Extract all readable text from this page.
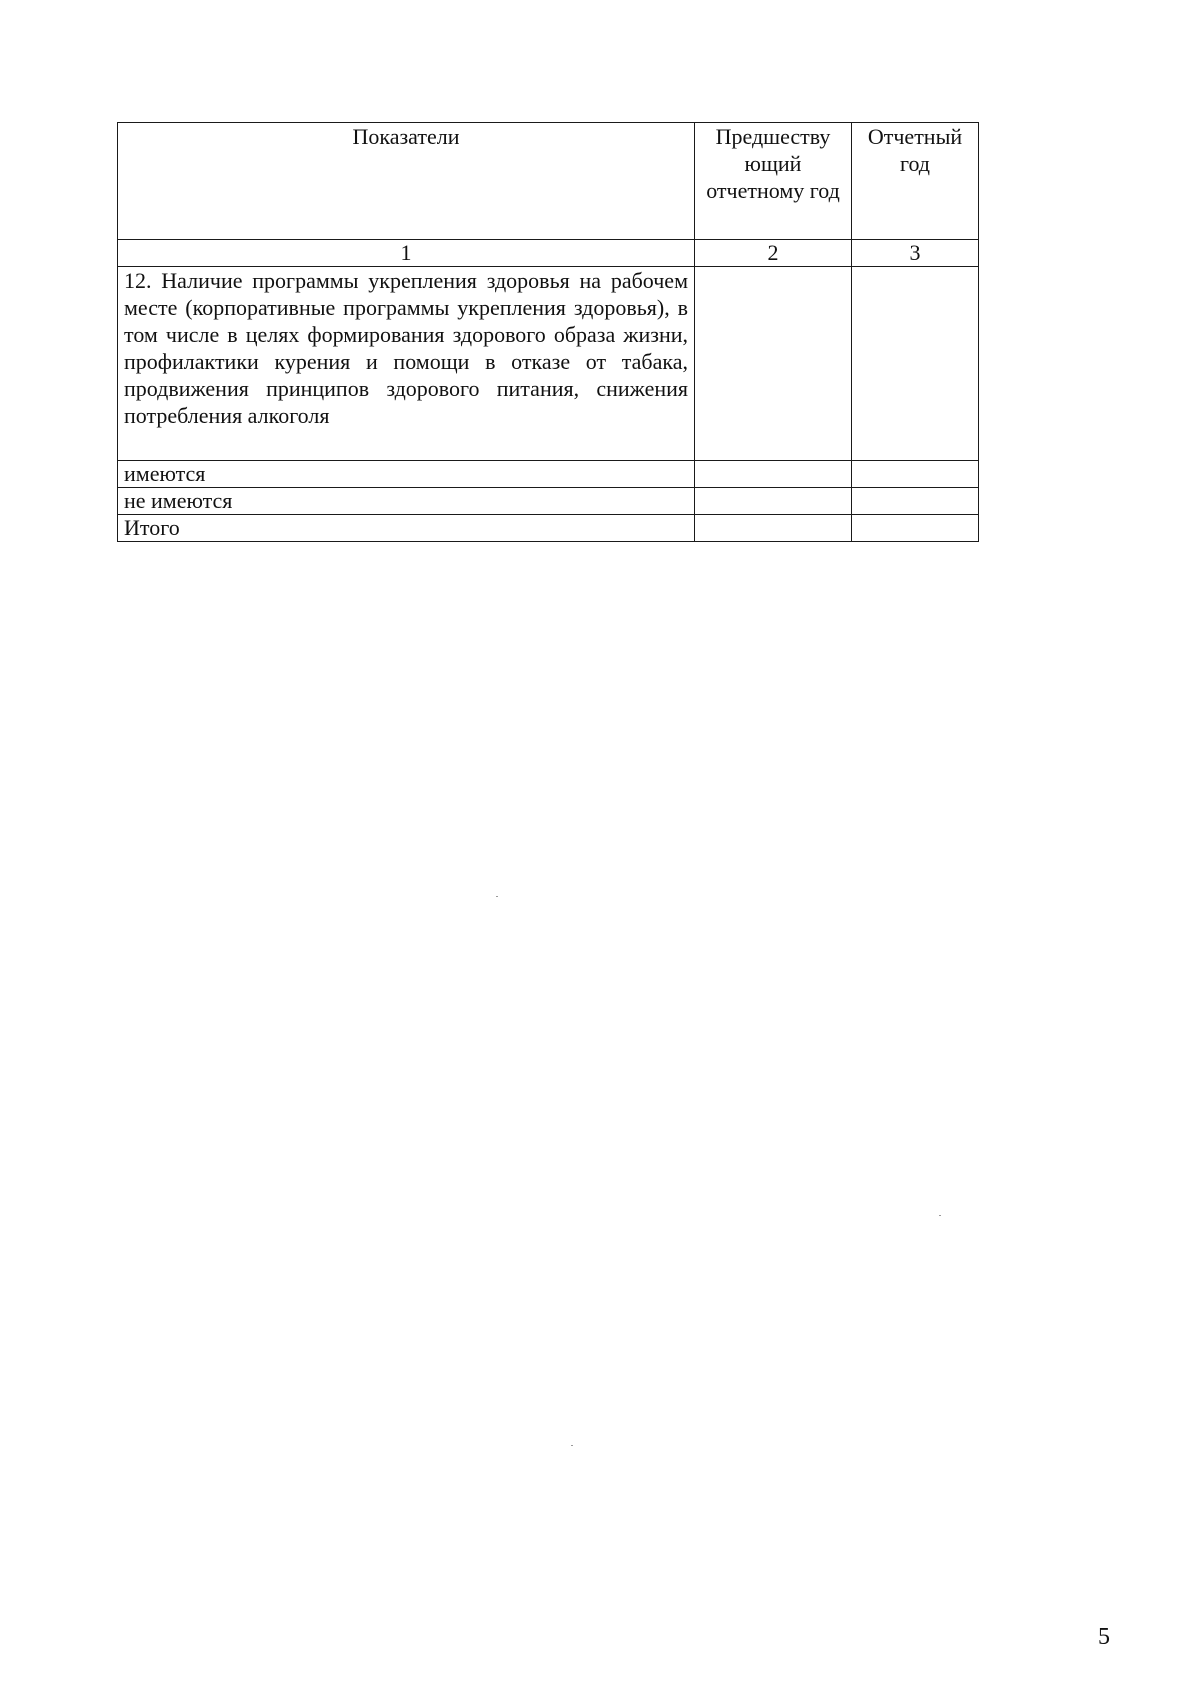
Показатели	Предшеству ющий отчетному год	Отчетный год
1	2	3
12. Наличие программы укрепления здоровья на рабочем месте (корпоративные программы укрепления здоровья), в том числе в целях формирования здорового образа жизни, профилактики курения и помощи в отказе от табака, продвижения принципов здорового питания, снижения потребления алкоголя		
имеются		
не имеются		
Итого		
5
